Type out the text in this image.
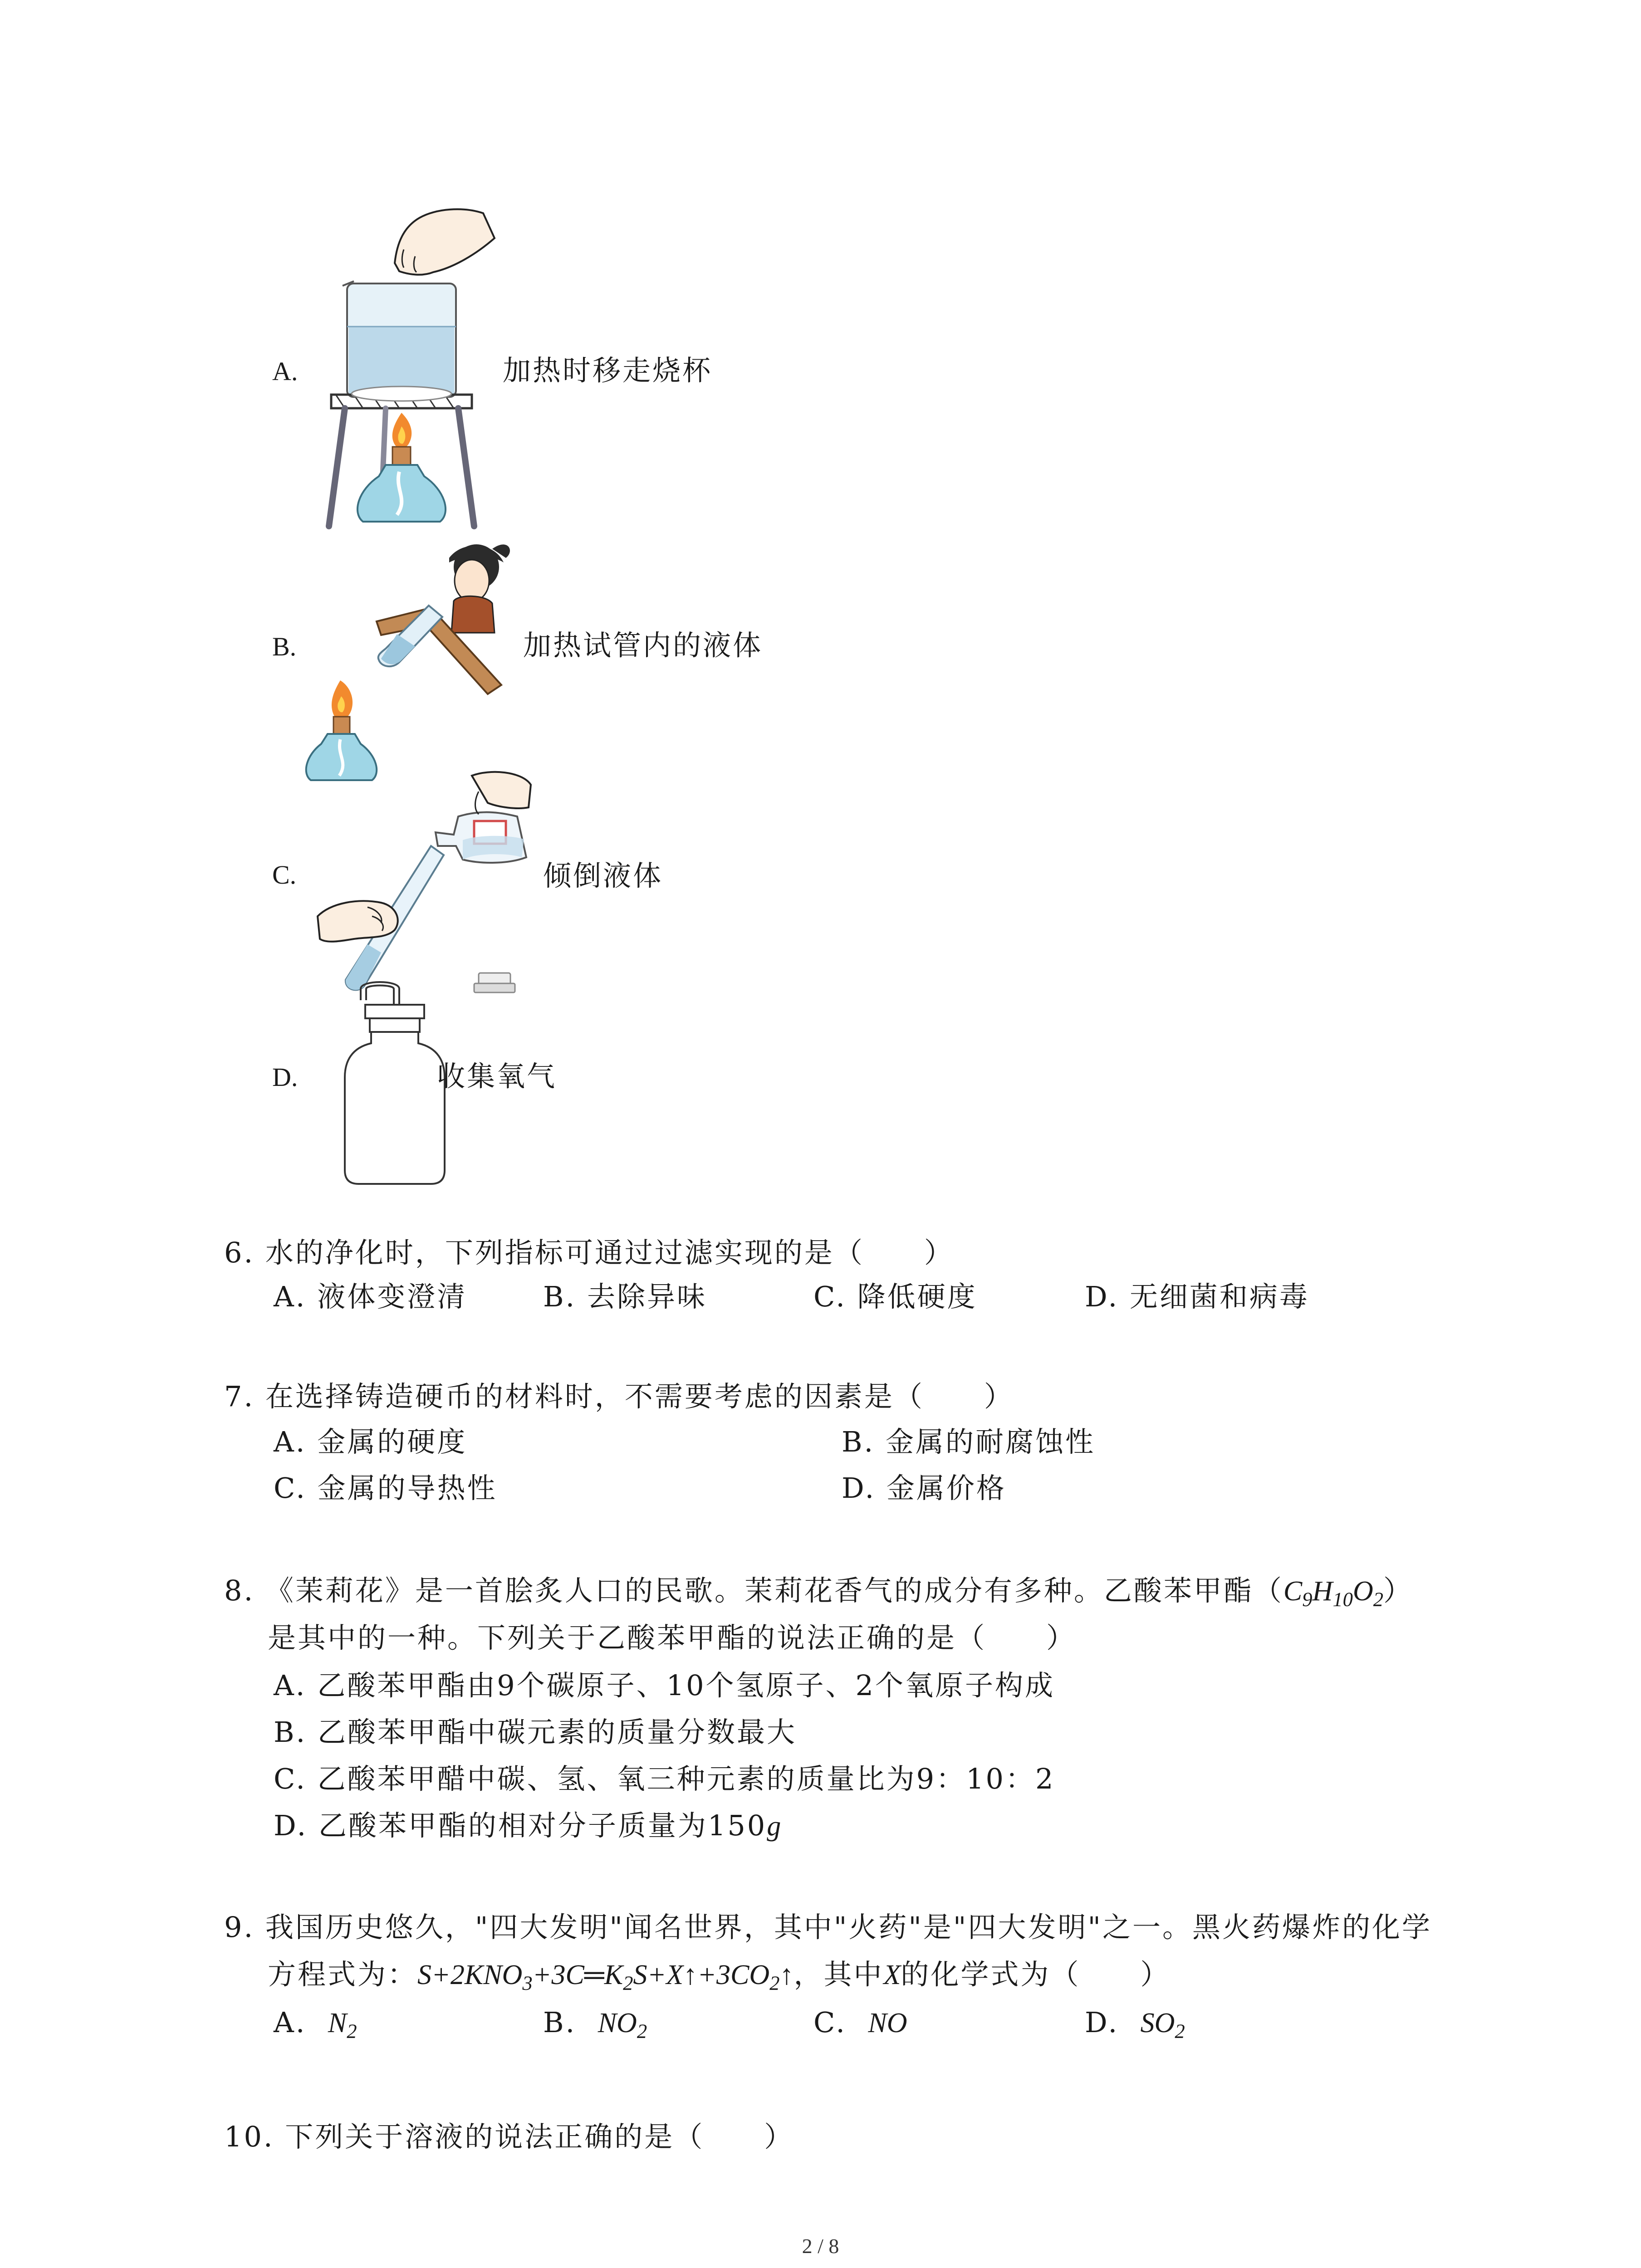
A.	加热时移走烧杯
B.	加热试管内的液体
C.	倾倒液体
D.	收集氧气
6. 水的净化时，下列指标可通过过滤实现的是（　　）
A. 液体变澄清	B. 去除异味	C. 降低硬度	D. 无细菌和病毒
7. 在选择铸造硬币的材料时，不需要考虑的因素是（　　）
A. 金属的硬度	B. 金属的耐腐蚀性
C. 金属的导热性	D. 金属价格
8. 《茉莉花》是一首脍炙人口的民歌。茉莉花香气的成分有多种。乙酸苯甲酯$(C_9H_{10}O_2)$
是其中的一种。下列关于乙酸苯甲酯的说法正确的是（　　）
A. 乙酸苯甲酯由9个碳原子、10个氢原子、2个氧原子构成
B. 乙酸苯甲酯中碳元素的质量分数最大
C. 乙酸苯甲醋中碳、氢、氧三种元素的质量比为9：10：2
D. 乙酸苯甲酯的相对分子质量为150g
9. 我国历史悠久，"四大发明"闻名世界，其中"火药"是"四大发明"之一。黑火药爆炸的化学
方程式为：$S+2KNO_3+3C═K_2S+X↑+3CO_2↑$，其中X的化学式为（　　）
A. $N_2$	B. $NO_2$	C. NO	D. $SO_2$
10. 下列关于溶液的说法正确的是（　　）
2 / 8
